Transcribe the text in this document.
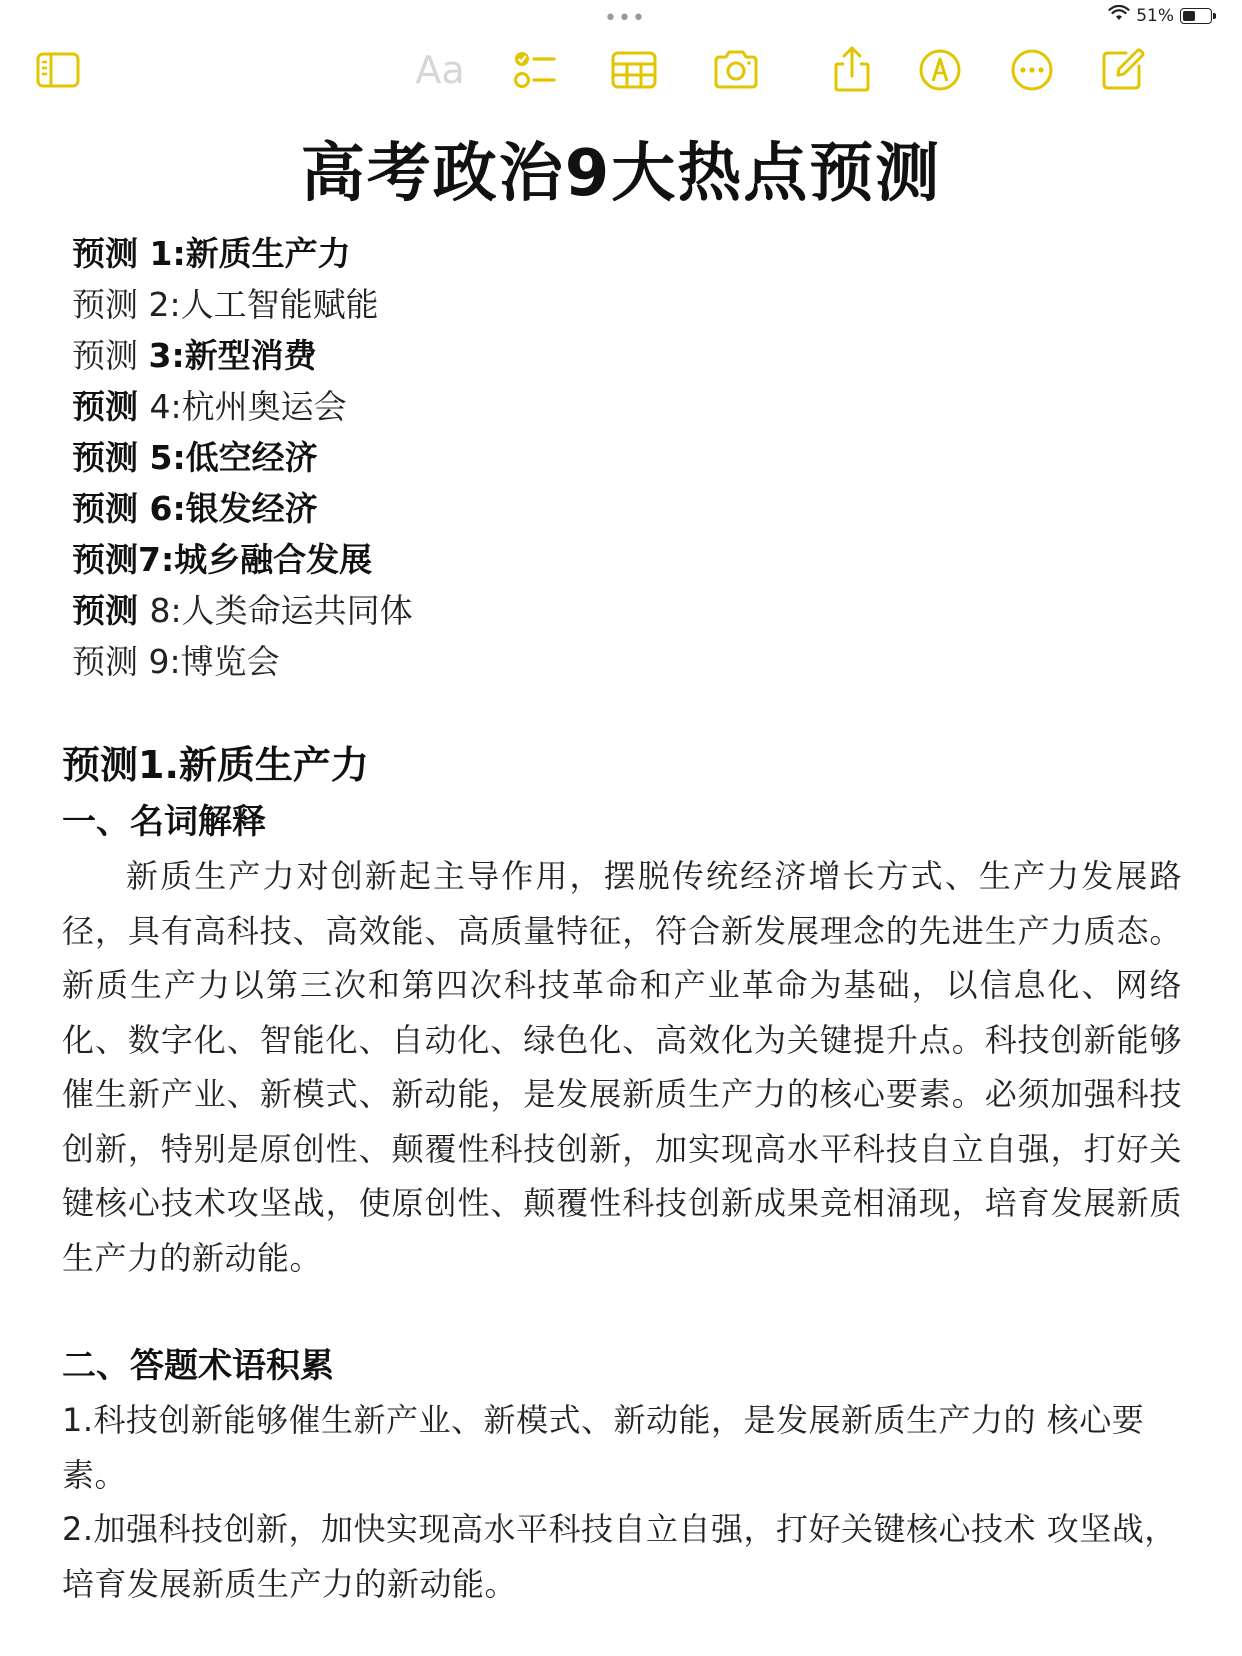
•••	51%
Aa
高考政治9大热点预测
预测 1:新质生产力
预测 2:人工智能赋能
预测 3:新型消费
预测 4:杭州奥运会
预测 5:低空经济
预测 6:银发经济
预测7:城乡融合发展
预测 8:人类命运共同体
预测 9:博览会

预测1.新质生产力

一、名词解释

新质生产力对创新起主导作用，摆脱传统经济增长方式、生产力发展路径，具有高科技、高效能、高质量特征，符合新发展理念的先进生产力质态。新质生产力以第三次和第四次科技革命和产业革命为基础，以信息化、网络化、数字化、智能化、自动化、绿色化、高效化为关键提升点。科技创新能够催生新产业、新模式、新动能，是发展新质生产力的核心要素。必须加强科技创新，特别是原创性、颠覆性科技创新，加实现高水平科技自立自强，打好关键核心技术攻坚战，使原创性、颠覆性科技创新成果竞相涌现，培育发展新质生产力的新动能。

二、答题术语积累

1.科技创新能够催生新产业、新模式、新动能，是发展新质生产力的 核心要素。

2.加强科技创新，加快实现高水平科技自立自强，打好关键核心技术 攻坚战，培育发展新质生产力的新动能。
